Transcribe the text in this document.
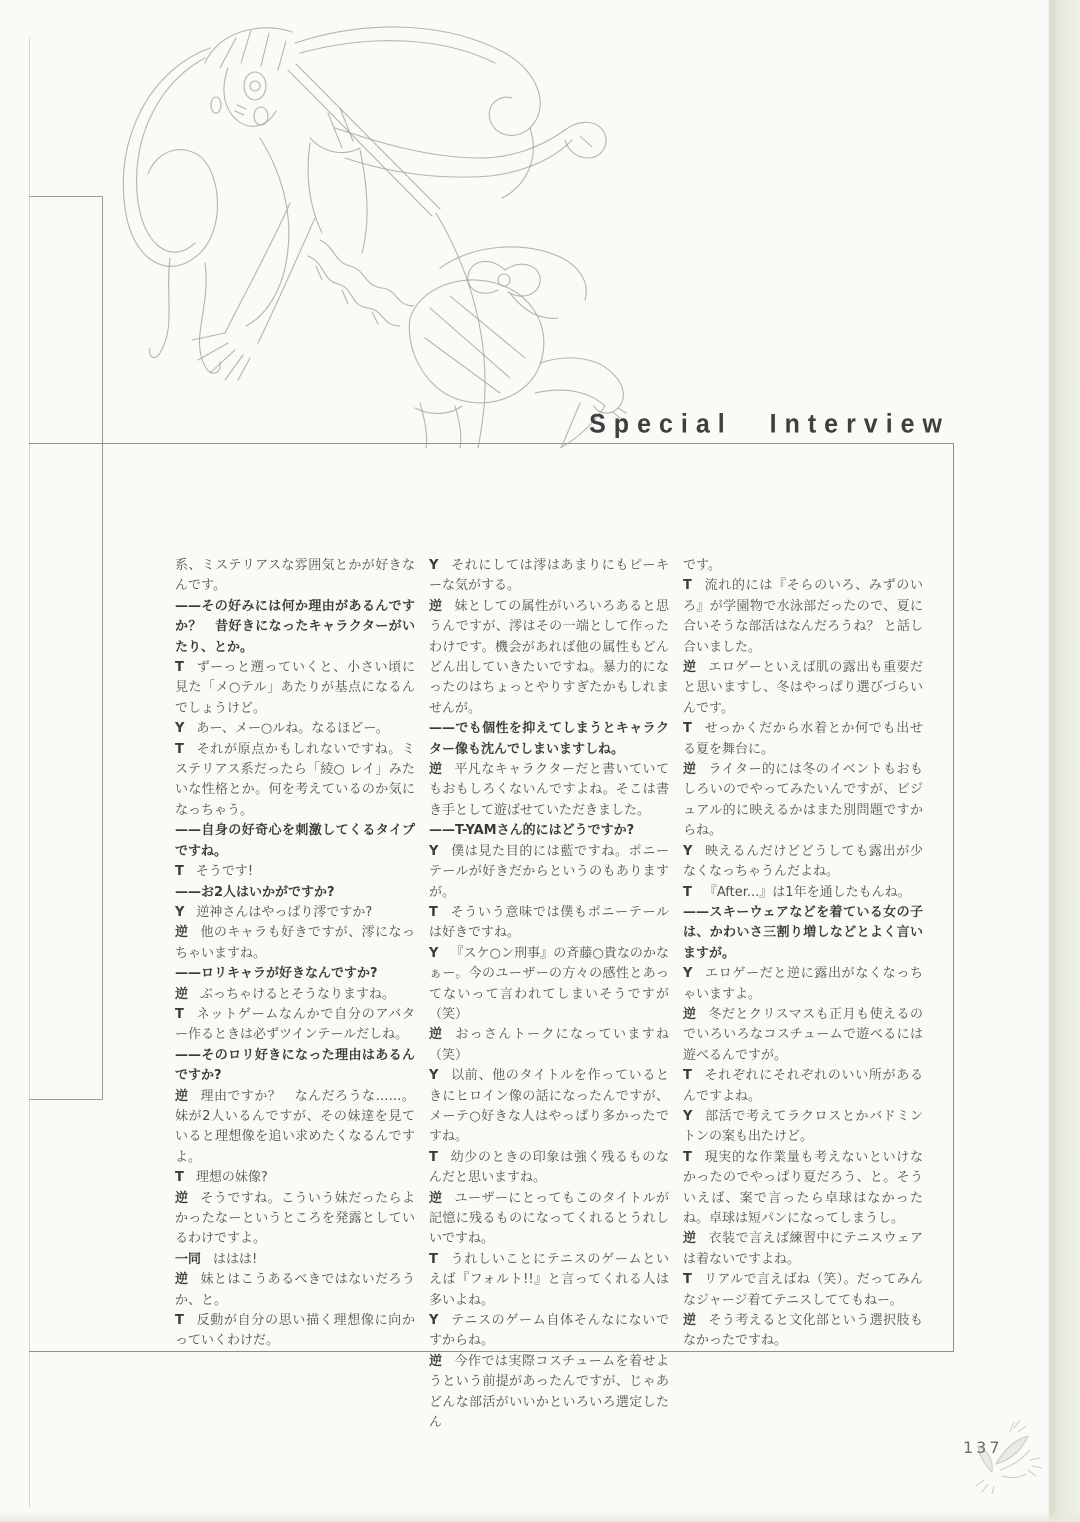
Special Interview

系、ミステリアスな雰囲気とかが好きなんです。

——その好みには何か理由があるんですか？　昔好きになったキャラクターがいたり、とか。

T ずーっと遡っていくと、小さい頃に見た「メ○テル」あたりが基点になるんでしょうけど。

Y あー、メー○ルね。なるほどー。

T それが原点かもしれないですね。ミステリアス系だったら「綾○ レイ」みたいな性格とか。何を考えているのか気になっちゃう。

——自身の好奇心を刺激してくるタイプですね。

T そうです!

——お2人はいかがですか?

Y 逆神さんはやっぱり澪ですか?

逆 他のキャラも好きですが、澪になっちゃいますね。

——ロリキャラが好きなんですか?

逆 ぶっちゃけるとそうなりますね。

T ネットゲームなんかで自分のアバター作るときは必ずツインテールだしね。

——そのロリ好きになった理由はあるんですか?

逆 理由ですか？　なんだろうな……。妹が2人いるんですが、その妹達を見ていると理想像を追い求めたくなるんですよ。

T 理想の妹像?

逆 そうですね。こういう妹だったらよかったなーというところを発露としているわけですよ。

一同 ははは!

逆 妹とはこうあるべきではないだろうか、と。

T 反動が自分の思い描く理想像に向かっていくわけだ。

Y それにしては澪はあまりにもピーキーな気がする。

逆 妹としての属性がいろいろあると思うんですが、澪はその一端として作ったわけです。機会があれば他の属性もどんどん出していきたいですね。暴力的になったのはちょっとやりすぎたかもしれませんが。

——でも個性を抑えてしまうとキャラクター像も沈んでしまいますしね。

逆 平凡なキャラクターだと書いていてもおもしろくないんですよね。そこは書き手として遊ばせていただきました。

——T-YAMさん的にはどうですか?

Y 僕は見た目的には藍ですね。ポニーテールが好きだからというのもありますが。

T そういう意味では僕もポニーテールは好きですね。

Y 『スケ○ン刑事』の斉藤○貴なのかなぁー。今のユーザーの方々の感性とあってないって言われてしまいそうですが（笑）

逆 おっさんトークになっていますね（笑）

Y 以前、他のタイトルを作っているときにヒロイン像の話になったんですが、メーテ○好きな人はやっぱり多かったですね。

T 幼少のときの印象は強く残るものなんだと思いますね。

逆 ユーザーにとってもこのタイトルが記憶に残るものになってくれるとうれしいですね。

T うれしいことにテニスのゲームといえば『フォルト!!』と言ってくれる人は多いよね。

Y テニスのゲーム自体そんなにないですからね。

逆 今作では実際コスチュームを着せようという前提があったんですが、じゃあどんな部活がいいかといろいろ選定したん

です。

T 流れ的には『そらのいろ、みずのいろ』が学園物で水泳部だったので、夏に合いそうな部活はなんだろうね？ と話し合いました。

逆 エロゲーといえば肌の露出も重要だと思いますし、冬はやっぱり選びづらいんです。

T せっかくだから水着とか何でも出せる夏を舞台に。

逆 ライター的には冬のイベントもおもしろいのでやってみたいんですが、ビジュアル的に映えるかはまた別問題ですからね。

Y 映えるんだけどどうしても露出が少なくなっちゃうんだよね。

T 『After...』は1年を通したもんね。

——スキーウェアなどを着ている女の子は、かわいさ三割り増しなどとよく言いますが。

Y エロゲーだと逆に露出がなくなっちゃいますよ。

逆 冬だとクリスマスも正月も使えるのでいろいろなコスチュームで遊べるには遊べるんですが。

T それぞれにそれぞれのいい所があるんですよね。

Y 部活で考えてラクロスとかバドミントンの案も出たけど。

T 現実的な作業量も考えないといけなかったのでやっぱり夏だろう、と。そういえば、案で言ったら卓球はなかったね。卓球は短パンになってしまうし。

逆 衣装で言えば練習中にテニスウェアは着ないですよね。

T リアルで言えばね（笑）。だってみんなジャージ着てテニスしててもねー。

逆 そう考えると文化部という選択肢もなかったですね。

137
